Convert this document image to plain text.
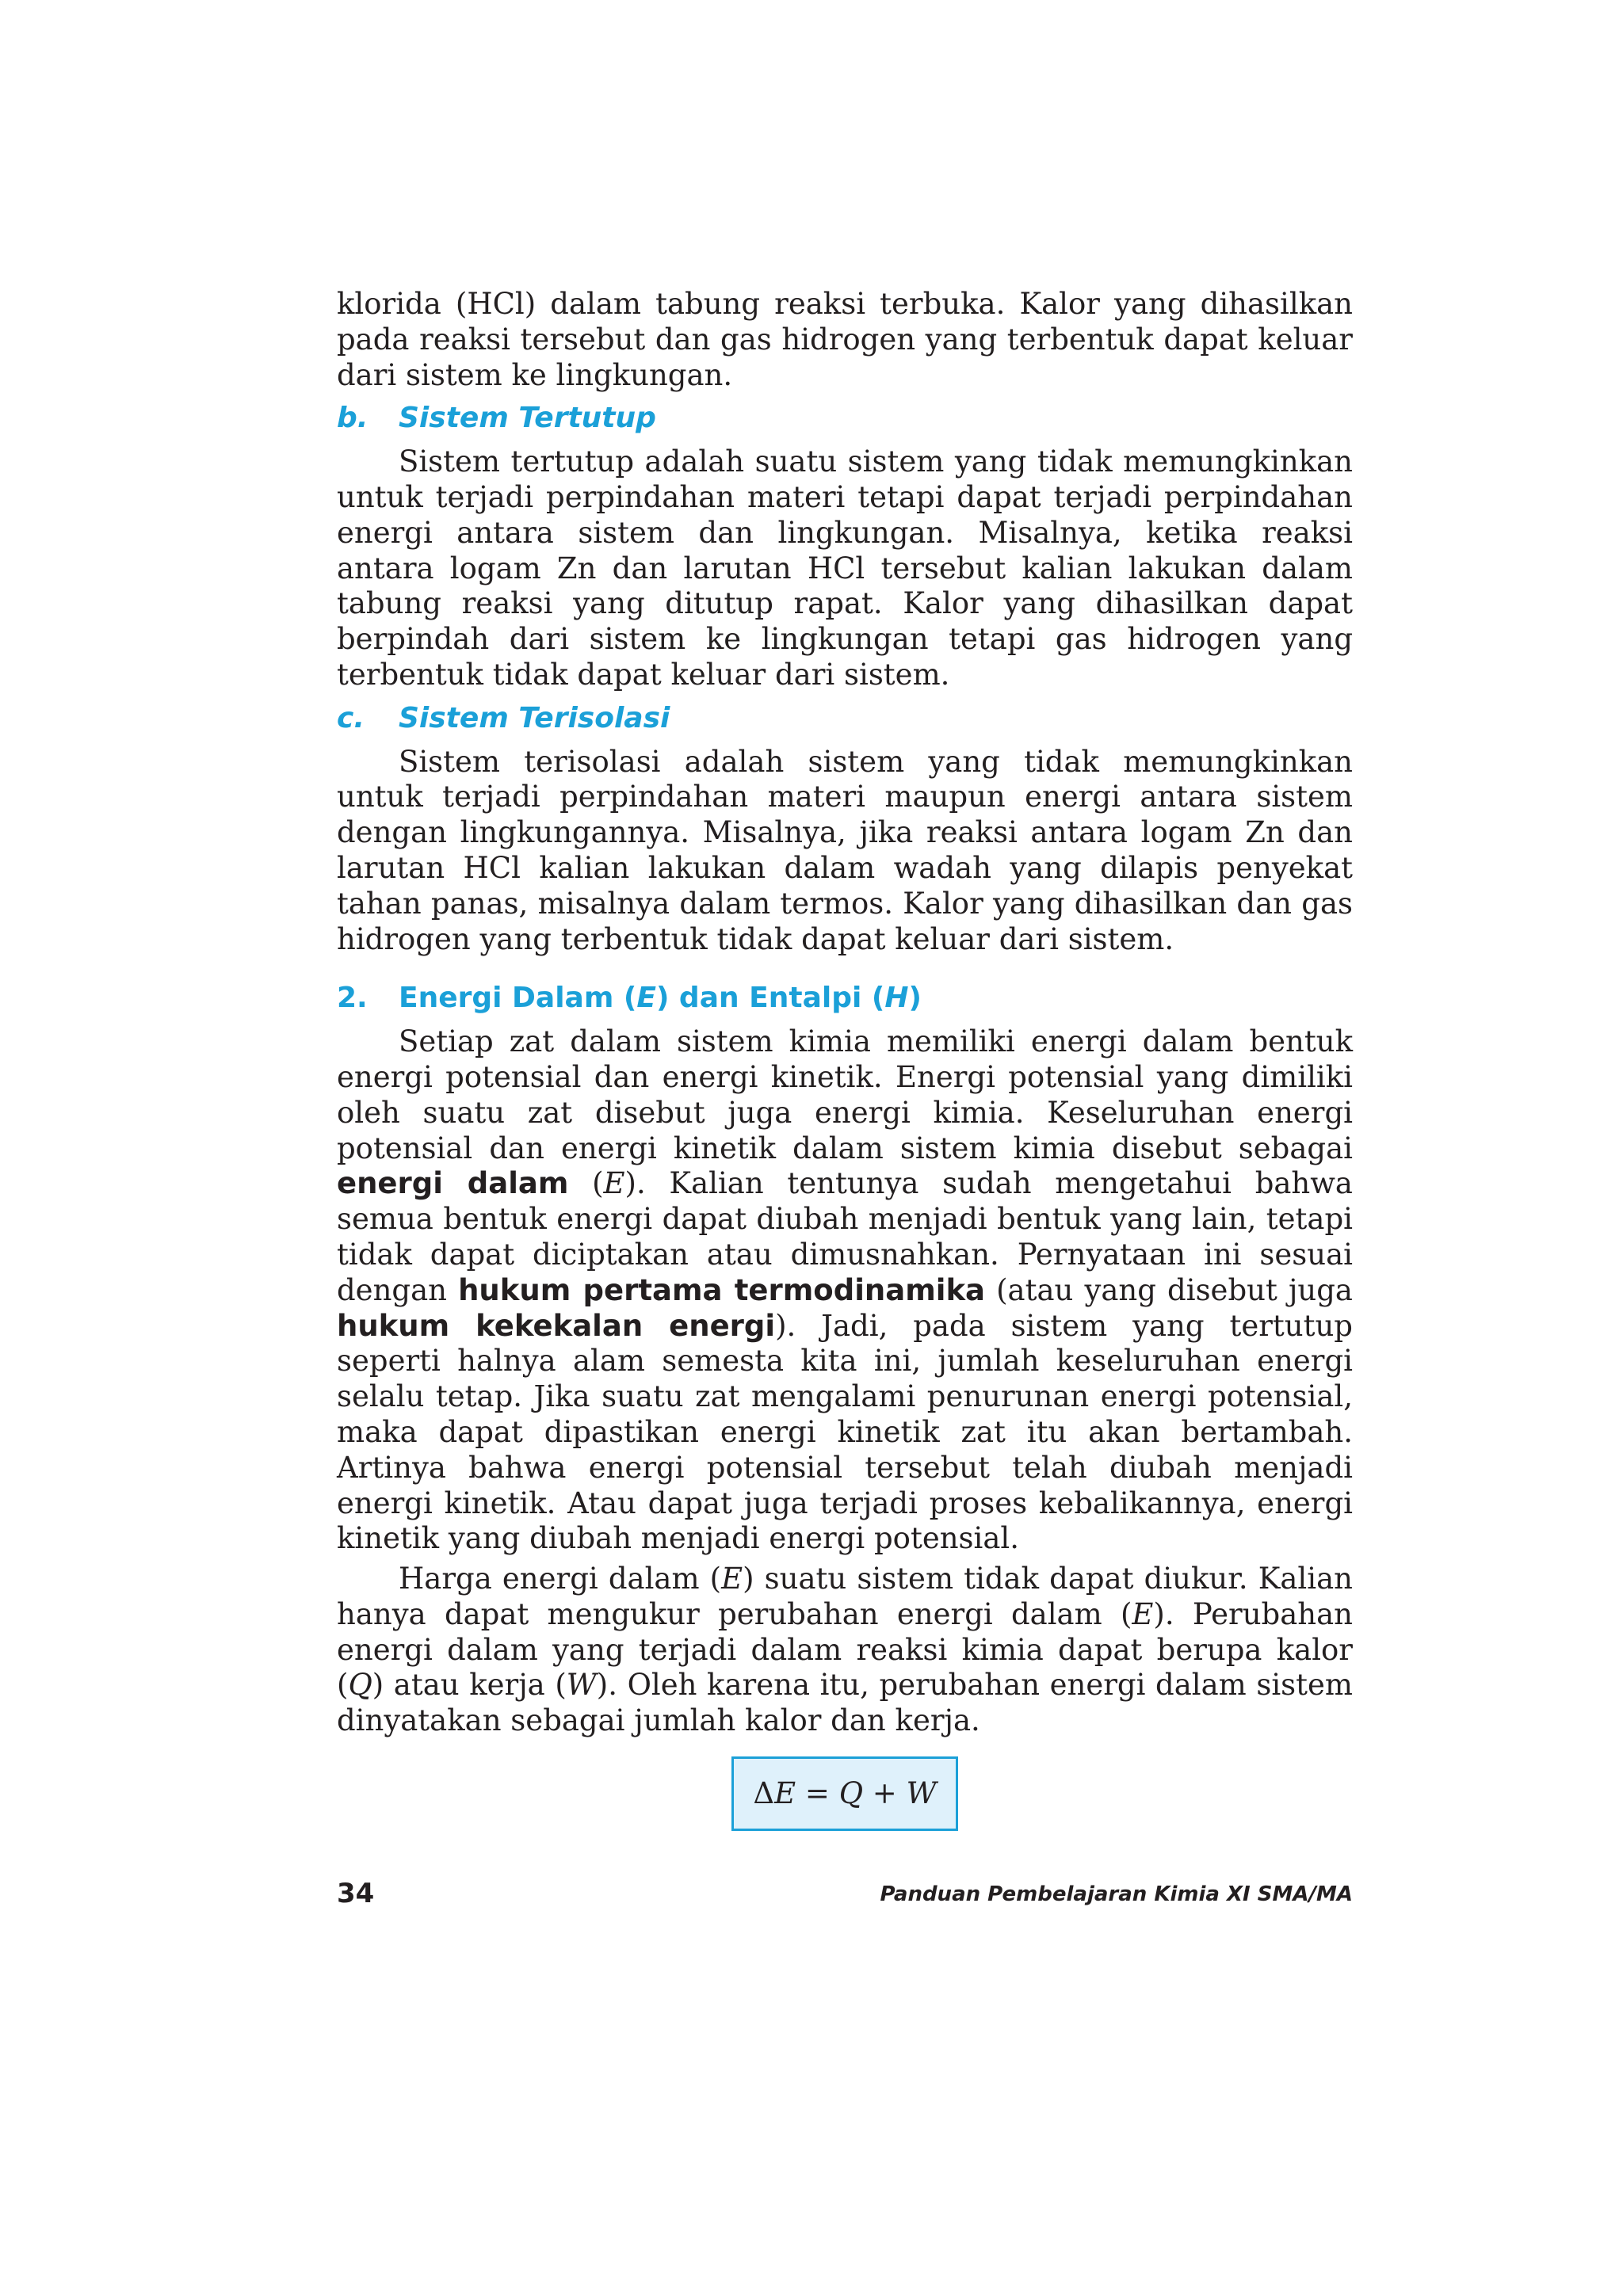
klorida (HCl) dalam tabung reaksi terbuka. Kalor yang dihasilkan pada reaksi tersebut dan gas hidrogen yang terbentuk dapat keluar dari sistem ke lingkungan.

b. Sistem Tertutup

Sistem tertutup adalah suatu sistem yang tidak memungkinkan untuk terjadi perpindahan materi tetapi dapat terjadi perpindahan energi antara sistem dan lingkungan. Misalnya, ketika reaksi antara logam Zn dan larutan HCl tersebut kalian lakukan dalam tabung reaksi yang ditutup rapat. Kalor yang dihasilkan dapat berpindah dari sistem ke lingkungan tetapi gas hidrogen yang terbentuk tidak dapat keluar dari sistem.

c. Sistem Terisolasi

Sistem terisolasi adalah sistem yang tidak memungkinkan untuk terjadi perpindahan materi maupun energi antara sistem dengan lingkungannya. Misalnya, jika reaksi antara logam Zn dan larutan HCl kalian lakukan dalam wadah yang dilapis penyekat tahan panas, misalnya dalam termos. Kalor yang dihasilkan dan gas hidrogen yang terbentuk tidak dapat keluar dari sistem.

2. Energi Dalam (E) dan Entalpi (H)

Setiap zat dalam sistem kimia memiliki energi dalam bentuk energi potensial dan energi kinetik. Energi potensial yang dimiliki oleh suatu zat disebut juga energi kimia. Keseluruhan energi potensial dan energi kinetik dalam sistem kimia disebut sebagai energi dalam (E). Kalian tentunya sudah mengetahui bahwa semua bentuk energi dapat diubah menjadi bentuk yang lain, tetapi tidak dapat diciptakan atau dimusnahkan. Pernyataan ini sesuai dengan hukum pertama termodinamika (atau yang disebut juga hukum kekekalan energi). Jadi, pada sistem yang tertutup seperti halnya alam semesta kita ini, jumlah keseluruhan energi selalu tetap. Jika suatu zat mengalami penurunan energi potensial, maka dapat dipastikan energi kinetik zat itu akan bertambah. Artinya bahwa energi potensial tersebut telah diubah menjadi energi kinetik. Atau dapat juga terjadi proses kebalikannya, energi kinetik yang diubah menjadi energi potensial.

Harga energi dalam (E) suatu sistem tidak dapat diukur. Kalian hanya dapat mengukur perubahan energi dalam (E). Perubahan energi dalam yang terjadi dalam reaksi kimia dapat berupa kalor (Q) atau kerja (W). Oleh karena itu, perubahan energi dalam sistem dinyatakan sebagai jumlah kalor dan kerja.

ΔE = Q + W
34	Panduan Pembelajaran Kimia XI SMA/MA
